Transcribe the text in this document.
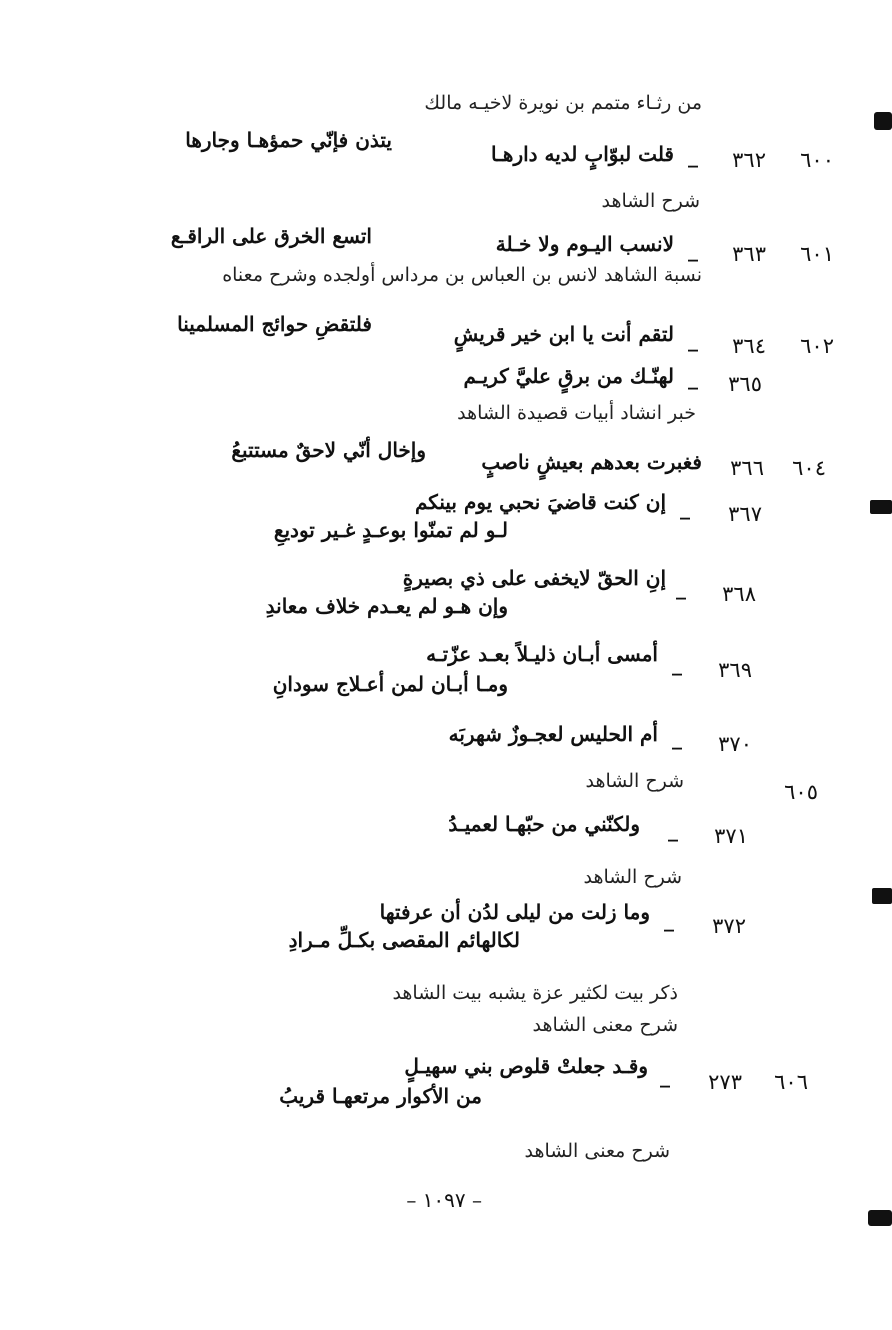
من رثـاء متمم بن نويرة لاخيـه مالك
٦٠٠
٣٦٢
_
قلت لبوّابٍ لديه دارهـا
يتذن فإنّي حمؤهـا وجارها
شرح الشاهد
٦٠١
٣٦٣
_
لانسب اليـوم ولا خـلة
اتسع الخرق على الراقـع
نسبة الشاهد لانس بن العباس بن مرداس أولجده وشرح معناه
٦٠٢
٣٦٤
_
لتقم أنت يا ابن خير قريشٍ
فلتقضِ حوائج المسلمينا
٣٦٥
_
لهنّـك من برقٍ عليَّ كريـم
خبر انشاد أبيات قصيدة الشاهد
٦٠٤
٣٦٦
فغبرت بعدهم بعيشٍ ناصبٍ
وإخال أنّي لاحقٌ مستتبعُ
٣٦٧
_
إن كنت قاضيَ نحبي يوم بينكم
لـو لم تمنّوا بوعـدٍ غـير توديعِ
٣٦٨
_
إنِ الحقّ لايخفى على ذي بصيرةٍ
وإن هـو لم يعـدم خلاف معاندِ
٣٦٩
_
أمسى أبـان ذليـلاً بعـد عزّتـه
ومـا أبـان لمن أعـلاج سودانِ
٣٧٠
_
أم الحليس لعجـوزٌ شهربَه
٦٠٥
شرح الشاهد
٣٧١
_
ولكنّني من حبّهـا لعميـدُ
شرح الشاهد
٣٧٢
_
وما زلت من ليلى لدُن أن عرفتها
لكالهائم المقصى بكـلِّ مـرادِ
ذكر بيت لكثير عزة يشبه بيت الشاهد
شرح معنى الشاهد
٦٠٦
٢٧٣
_
وقـد جعلتْ قلوص بني سهيـلٍ
من الأكوار مرتعهـا قريبُ
شرح معنى الشاهد
– ١٠٩٧ –
